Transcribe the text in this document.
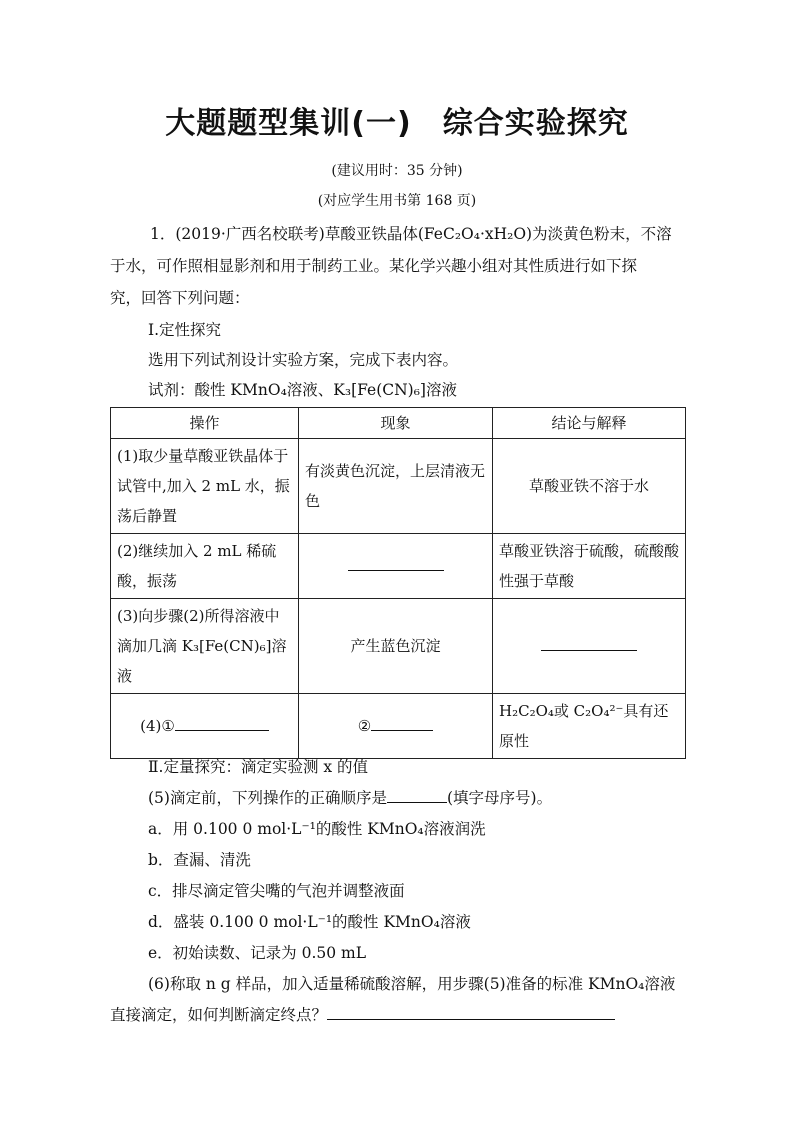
大题题型集训(一)　综合实验探究
(建议用时：35 分钟)
(对应学生用书第 168 页)
1．(2019·广西名校联考)草酸亚铁晶体(FeC₂O₄·xH₂O)为淡黄色粉末，不溶
于水，可作照相显影剂和用于制药工业。某化学兴趣小组对其性质进行如下探
究，回答下列问题：
Ⅰ.定性探究
选用下列试剂设计实验方案，完成下表内容。
试剂：酸性 KMnO₄溶液、K₃[Fe(CN)₆]溶液
操作	现象	结论与解释
(1)取少量草酸亚铁晶体于试管中,加入 2 mL 水，振荡后静置	有淡黄色沉淀，上层清液无色	草酸亚铁不溶于水
(2)继续加入 2 mL 稀硫酸，振荡		草酸亚铁溶于硫酸，硫酸酸性强于草酸
(3)向步骤(2)所得溶液中滴加几滴 K₃[Fe(CN)₆]溶液	产生蓝色沉淀	
(4)①	②	H₂C₂O₄或 C₂O₄²⁻具有还原性
Ⅱ.定量探究：滴定实验测 x 的值
(5)滴定前，下列操作的正确顺序是	(填字母序号)。
a．用 0.100 0 mol·L⁻¹的酸性 KMnO₄溶液润洗
b．查漏、清洗
c．排尽滴定管尖嘴的气泡并调整液面
d．盛装 0.100 0 mol·L⁻¹的酸性 KMnO₄溶液
e．初始读数、记录为 0.50 mL
(6)称取 n g 样品，加入适量稀硫酸溶解，用步骤(5)准备的标准 KMnO₄溶液
直接滴定，如何判断滴定终点？
